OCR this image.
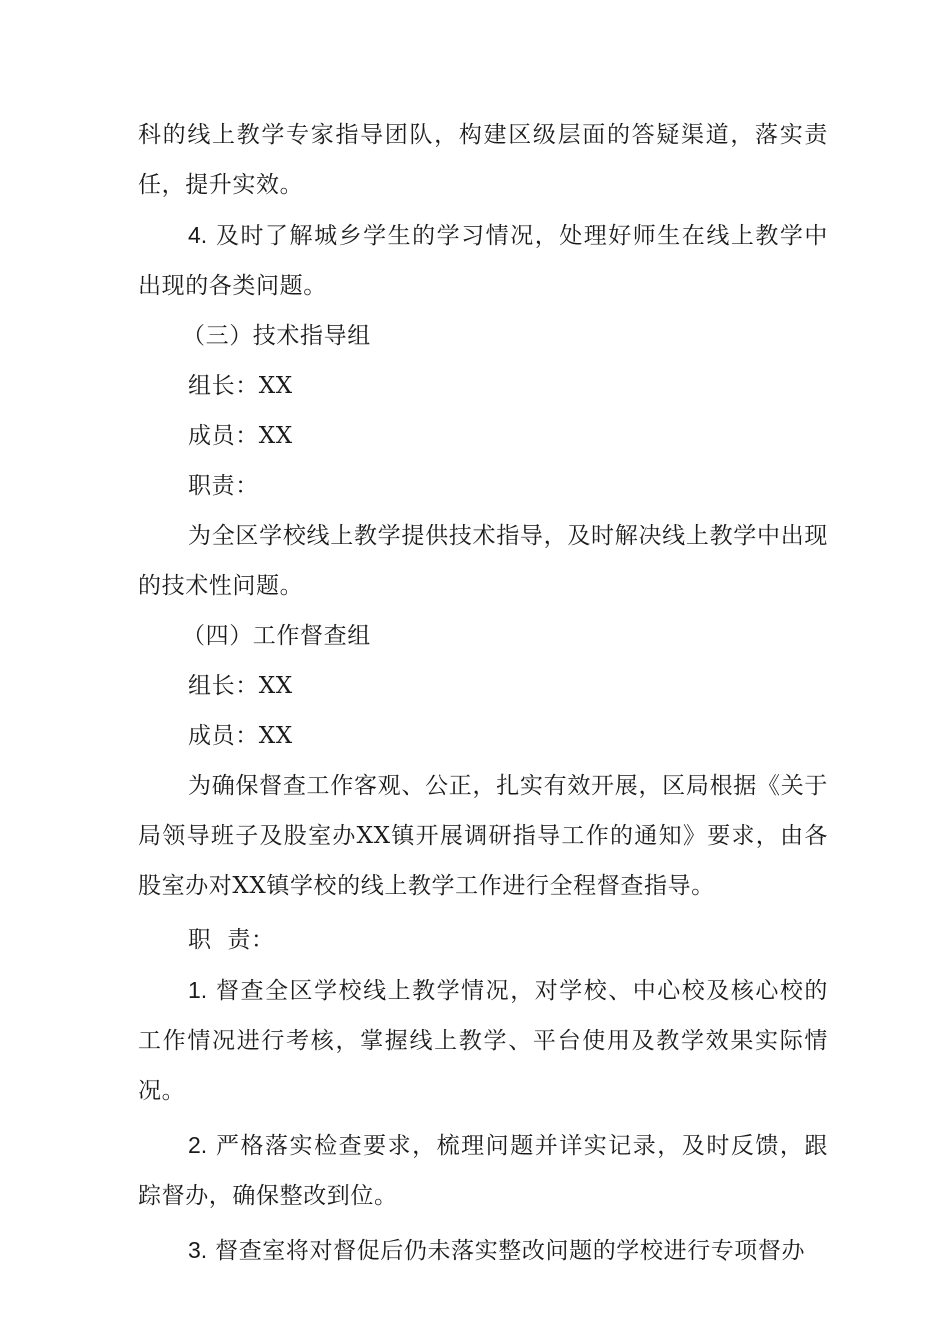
科的线上教学专家指导团队，构建区级层面的答疑渠道，落实责任，提升实效。

4. 及时了解城乡学生的学习情况，处理好师生在线上教学中出现的各类问题。

（三）技术指导组

组长：XX

成员：XX

职责：

为全区学校线上教学提供技术指导，及时解决线上教学中出现的技术性问题。

（四）工作督查组

组长：XX

成员：XX

为确保督查工作客观、公正，扎实有效开展，区局根据《关于局领导班子及股室办XX镇开展调研指导工作的通知》要求，由各股室办对XX镇学校的线上教学工作进行全程督查指导。

职  责：

1. 督查全区学校线上教学情况，对学校、中心校及核心校的工作情况进行考核，掌握线上教学、平台使用及教学效果实际情况。

2. 严格落实检查要求，梳理问题并详实记录，及时反馈，跟踪督办，确保整改到位。

3. 督查室将对督促后仍未落实整改问题的学校进行专项督办
